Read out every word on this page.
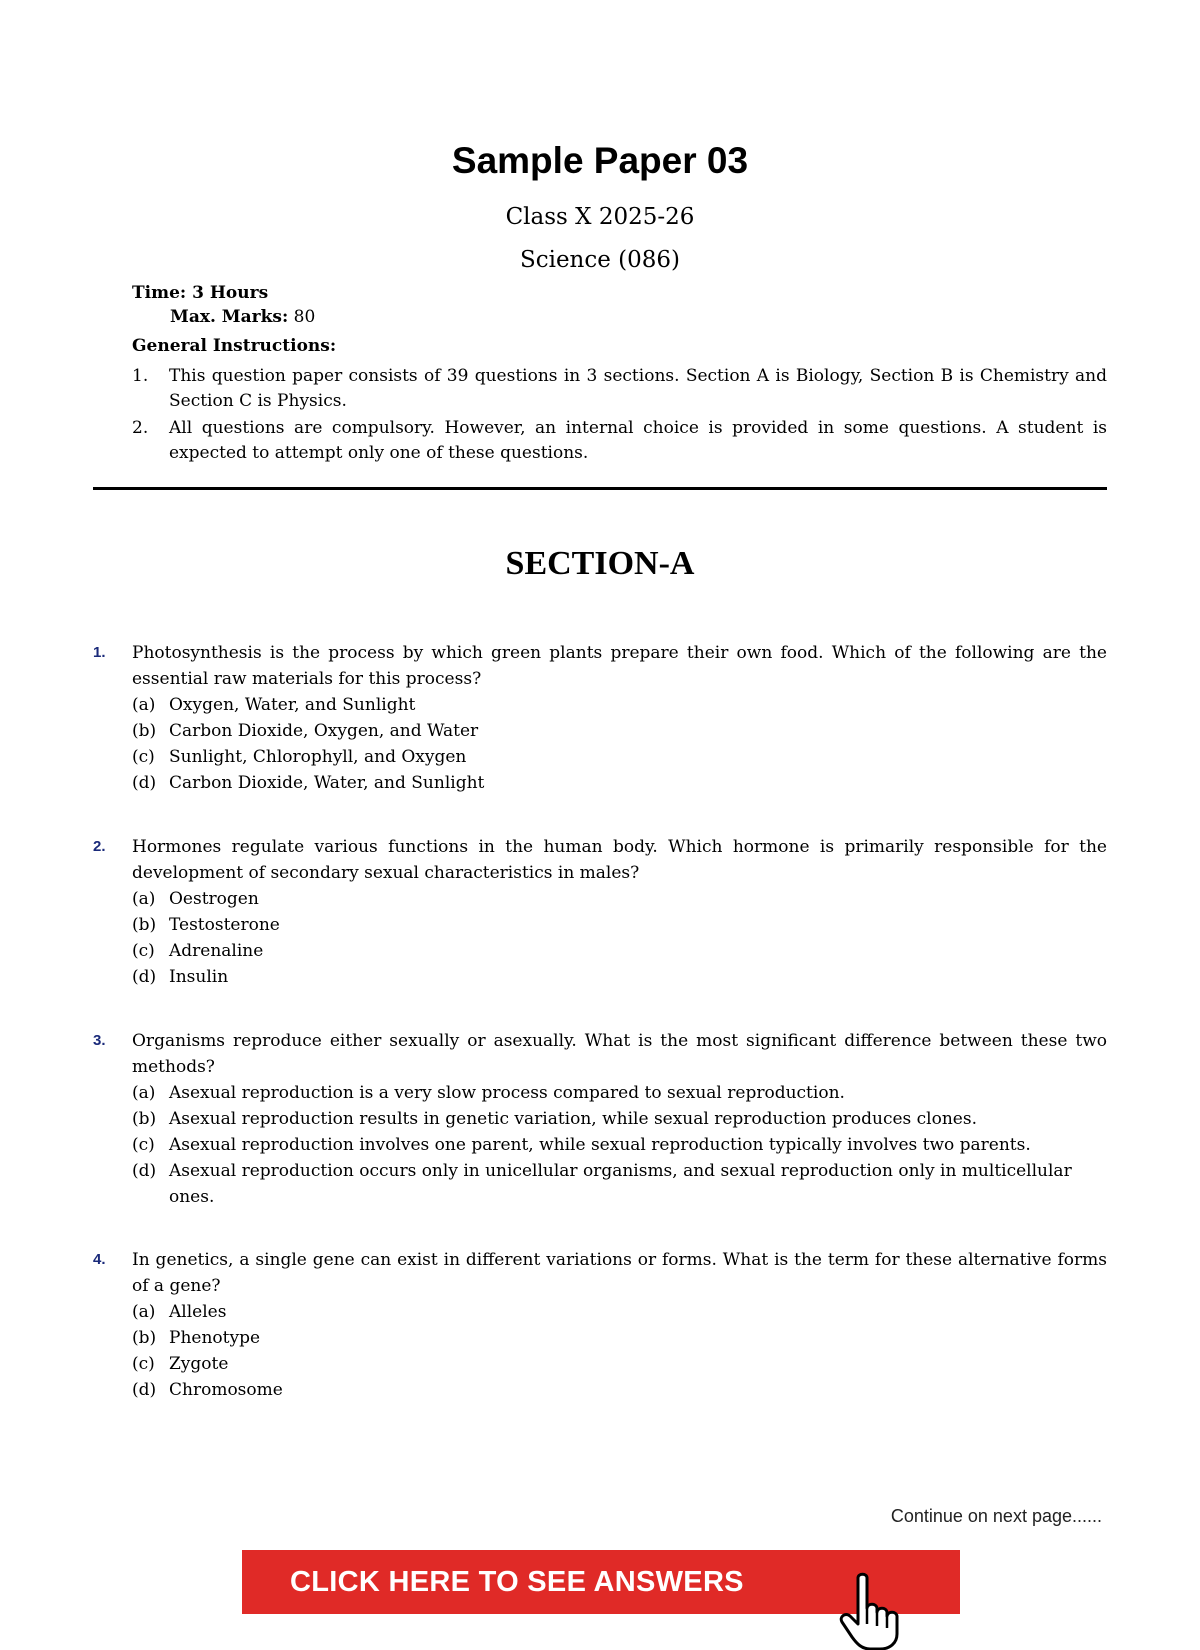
Sample Paper 03
Class X 2025-26
Science (086)
Time: 3 Hours
Max. Marks: 80
General Instructions:
1.	This question paper consists of 39 questions in 3 sections. Section A is Biology, Section B is Chemistry and Section C is Physics.
2.	All questions are compulsory. However, an internal choice is provided in some questions. A student is expected to attempt only one of these questions.
SECTION-A
1.	Photosynthesis is the process by which green plants prepare their own food. Which of the following are the essential raw materials for this process?
(a) Oxygen, Water, and Sunlight
(b) Carbon Dioxide, Oxygen, and Water
(c) Sunlight, Chlorophyll, and Oxygen
(d) Carbon Dioxide, Water, and Sunlight
2.	Hormones regulate various functions in the human body. Which hormone is primarily responsible for the development of secondary sexual characteristics in males?
(a) Oestrogen
(b) Testosterone
(c) Adrenaline
(d) Insulin
3.	Organisms reproduce either sexually or asexually. What is the most significant difference between these two methods?
(a) Asexual reproduction is a very slow process compared to sexual reproduction.
(b) Asexual reproduction results in genetic variation, while sexual reproduction produces clones.
(c) Asexual reproduction involves one parent, while sexual reproduction typically involves two parents.
(d) Asexual reproduction occurs only in unicellular organisms, and sexual reproduction only in multicellular ones.
4.	In genetics, a single gene can exist in different variations or forms. What is the term for these alternative forms of a gene?
(a) Alleles
(b) Phenotype
(c) Zygote
(d) Chromosome
Continue on next page......
CLICK HERE TO SEE ANSWERS
